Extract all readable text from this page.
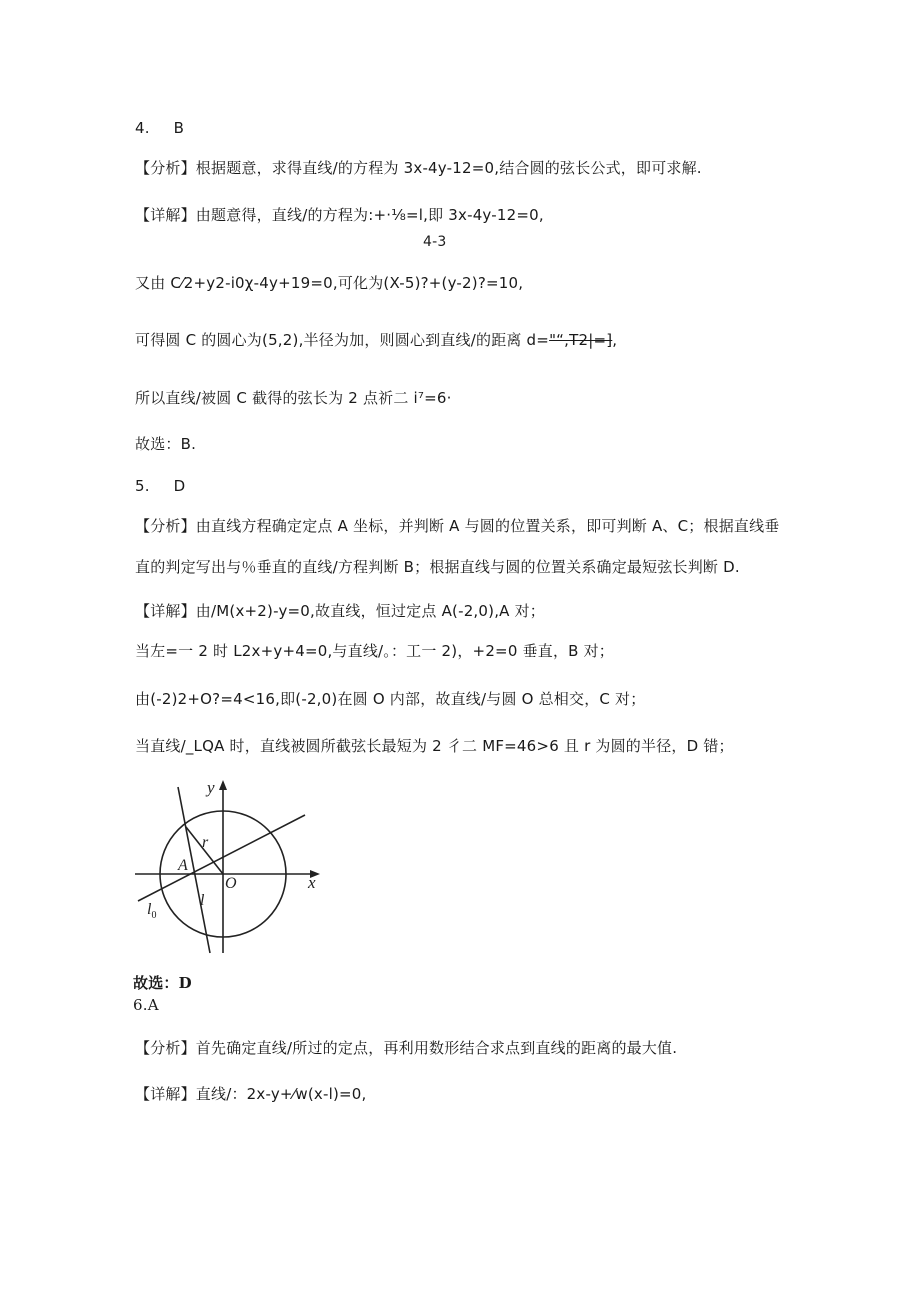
4. B
【分析】根据题意，求得直线/的方程为 3x-4y-12=0,结合圆的弦长公式，即可求解.
【详解】由题意得，直线/的方程为:+·⅛=l,即 3x-4y-12=0,
4-3
又由 C⁄2+y2-i0χ-4y+19=0,可化为(X-5)?+(y-2)?=10,
可得圆 C 的圆心为(5,2),半径为加，则圆心到直线/的距离 d="“,T2|=],
所以直线/被圆 C 截得的弦长为 2 点祈二 i⁷=6·
故选：B.
5. D
【分析】由直线方程确定定点 A 坐标，并判断 A 与圆的位置关系，即可判断 A、C；根据直线垂
直的判定写出与％垂直的直线/方程判断 B；根据直线与圆的位置关系确定最短弦长判断 D.
【详解】由/M(x+2)-y=0,故直线，恒过定点 A(-2,0),A 对；
当左=一 2 时 L2x+y+4=0,与直线/。：工一 2)，+2=0 垂直，B 对；
由(-2)2+O?=4<16,即(-2,0)在圆 O 内部，故直线/与圆 O 总相交，C 对；
当直线/_LQA 时，直线被圆所截弦长最短为 2 彳二 MF=46>6 且 r 为圆的半径，D 错；
y
x
O
A
r
$l_0$
l
故选：D
6.A
【分析】首先确定直线/所过的定点，再利用数形结合求点到直线的距离的最大值.
【详解】直线/：2x-y+⁄w(x-l)=0,
